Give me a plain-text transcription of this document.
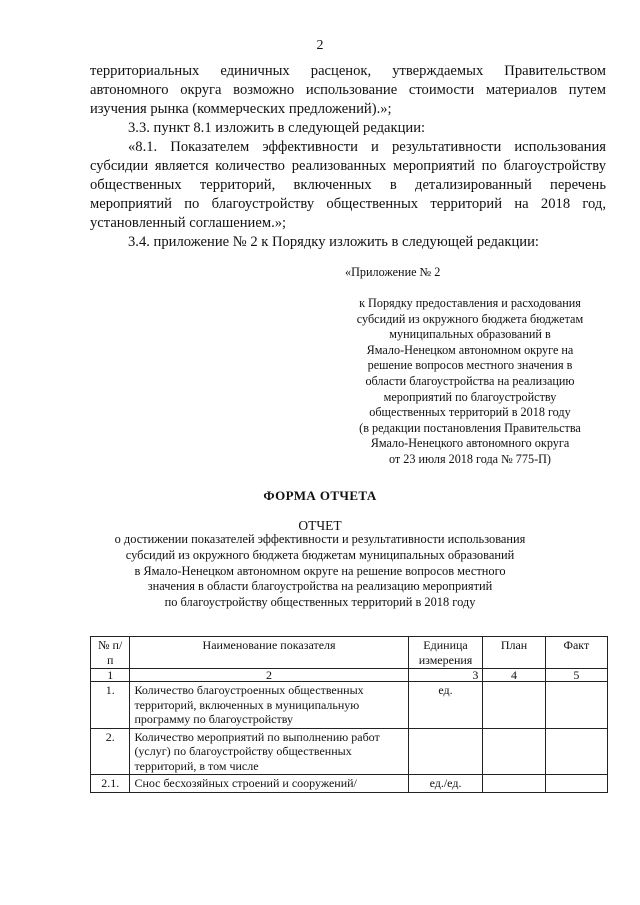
2

территориальных единичных расценок, утверждаемых Правительством автономного округа возможно использование стоимости материалов путем изучения рынка (коммерческих предложений).»;

3.3. пункт 8.1 изложить в следующей редакции:

«8.1. Показателем эффективности и результативности использования субсидии является количество реализованных мероприятий по благоустройству общественных территорий, включенных в детализированный перечень мероприятий по благоустройству общественных территорий на 2018 год, установленный соглашением.»;

3.4. приложение № 2 к Порядку изложить в следующей редакции:

«Приложение № 2
к Порядку предоставления и расходования
субсидий из окружного бюджета бюджетам
муниципальных образований в
Ямало-Ненецком автономном округе на
решение вопросов местного значения в
области благоустройства на реализацию
мероприятий по благоустройству
общественных территорий в 2018 году
(в редакции постановления Правительства
Ямало-Ненецкого автономного округа
от 23 июля 2018 года № 775-П)
ФОРМА ОТЧЕТА
ОТЧЕТ
о достижении показателей эффективности и результативности использования
субсидий из окружного бюджета бюджетам муниципальных образований
в Ямало-Ненецком автономном округе на решение вопросов местного
значения в области благоустройства на реализацию мероприятий
по благоустройству общественных территорий в 2018 году
№ п/п	Наименование показателя	Единица измерения	План	Факт
1	2	3	4	5
1.	Количество благоустроенных общественных территорий, включенных в муниципальную программу по благоустройству	ед.		
2.	Количество мероприятий по выполнению работ (услуг) по благоустройству общественных территорий, в том числе			
2.1.	Снос бесхозяйных строений и сооружений/	ед./ед.		
